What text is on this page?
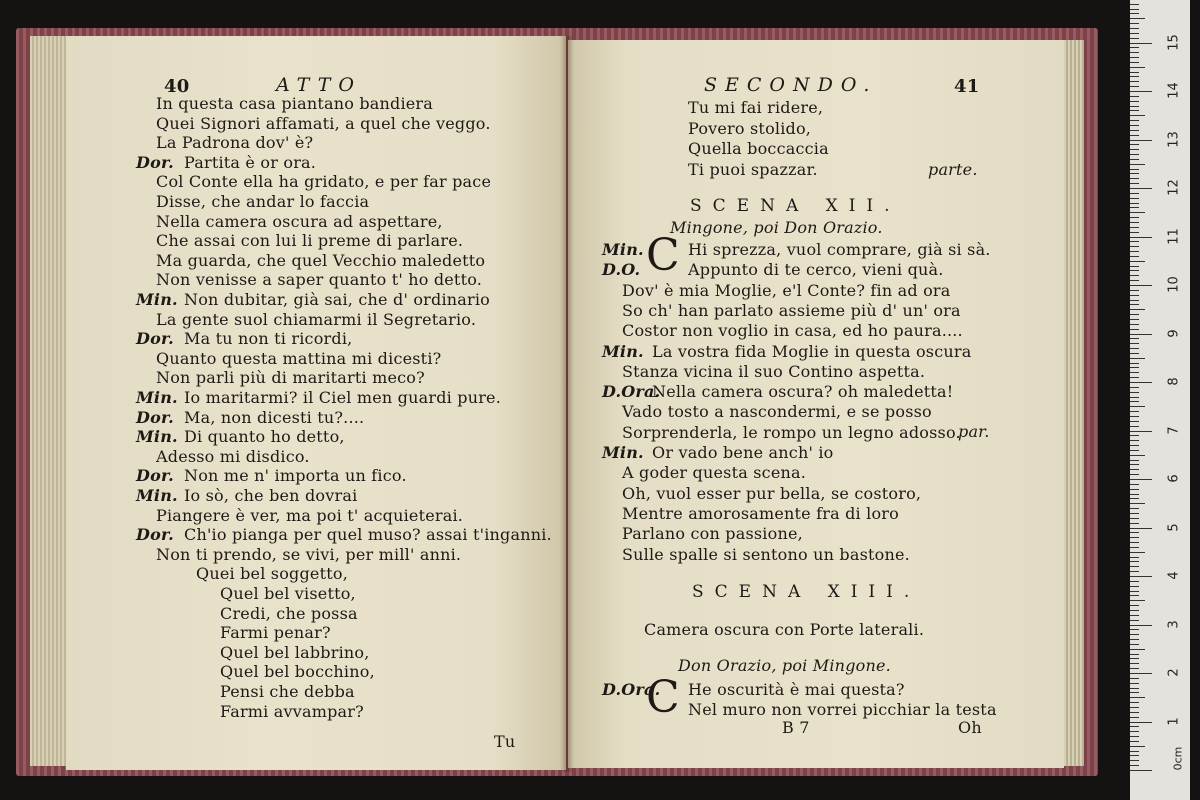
40	ATTO
Tu
In questa casa piantano bandiera
Quei Signori affamati, a quel che veggo.
La Padrona dov' è?
Dor. Partita è or ora.
Col Conte ella ha gridato, e per far pace
Disse, che andar lo faccia
Nella camera oscura ad aspettare,
Che assai con lui li preme di parlare.
Ma guarda, che quel Vecchio maledetto
Non venisse a saper quanto t' ho detto.
Min. Non dubitar, già sai, che d' ordinario
La gente suol chiamarmi il Segretario.
Dor. Ma tu non ti ricordi,
Quanto questa mattina mi dicesti?
Non parli più di maritarti meco?
Min. Io maritarmi? il Ciel men guardi pure.
Dor. Ma, non dicesti tu?....
Min. Di quanto ho detto,
Adesso mi disdico.
Dor. Non me n' importa un fico.
Min. Io sò, che ben dovrai
Piangere è ver, ma poi t' acquieterai.
Dor. Ch'io pianga per quel muso? assai t'inganni.
Non ti prendo, se vivi, per mill' anni.
Quei bel soggetto,
Quel bel visetto,
Credi, che possa
Farmi penar?
Quel bel labbrino,
Quel bel bocchino,
Pensi che debba
Farmi avvampar?
SECONDO.	41
parte.
SCENA XII.
Mingone, poi Don Orazio.
C
par.
SCENA XIII.
Camera oscura con Porte laterali.
Don Orazio, poi Mingone.
C
B 7	Oh
Tu mi fai ridere,
Povero stolido,
Quella boccaccia
Ti puoi spazzar.
Min.	Hi sprezza, vuol comprare, già si sà.
D.O.	Appunto di te cerco, vieni quà.
Dov' è mia Moglie, e'l Conte? fin ad ora
So ch' han parlato assieme più d' un' ora
Costor non voglio in casa, ed ho paura....
Min. La vostra fida Moglie in questa oscura
Stanza vicina il suo Contino aspetta.
D.Ora.
Nella camera oscura? oh maledetta!
Vado tosto a nascondermi, e se posso
Sorprenderla, le rompo un legno adosso.
Min. Or vado bene anch' io
A goder questa scena.
Oh, vuol esser pur bella, se costoro,
Mentre amorosamente fra di loro
Parlano con passione,
Sulle spalle si sentono un bastone.
D.Ora. He oscurità è mai questa?
Nel muro non vorrei picchiar la testa
0cm
1
2
3
4
5
6
7
8
9
10
11
12
13
14
15
